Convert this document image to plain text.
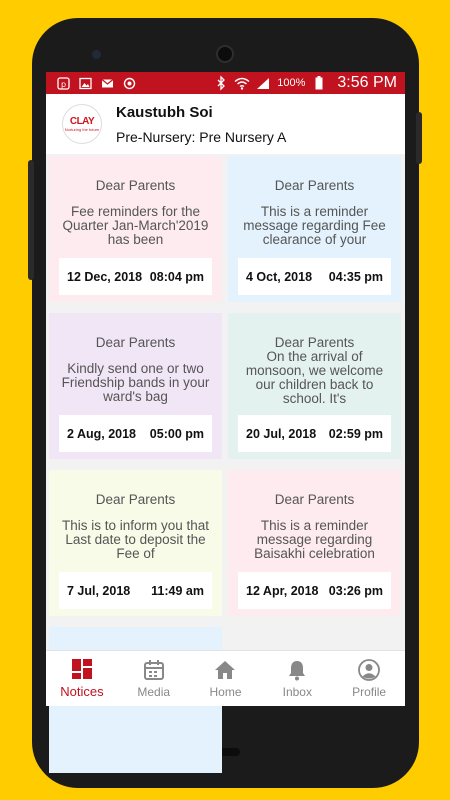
p	100% 3:56 PM
CLAY
Nurturing the future
Kaustubh Soi
Pre-Nursery: Pre Nursery A
Dear Parents
Fee reminders for the Quarter Jan-March'2019 has been
12 Dec, 2018 08:04 pm
Dear Parents
This is a reminder message regarding Fee clearance of your
4 Oct, 2018 04:35 pm
Dear Parents
Kindly send one or two Friendship bands in your ward's bag
2 Aug, 2018 05:00 pm
Dear Parents
On the arrival of monsoon, we welcome our children back to school. It's
20 Jul, 2018 02:59 pm
Dear Parents
This is to inform you that Last date to deposit the Fee of
7 Jul, 2018 11:49 am
Dear Parents
This is a reminder message regarding Baisakhi celebration
12 Apr, 2018 03:26 pm
Notices	Media	Home	Inbox	Profile
